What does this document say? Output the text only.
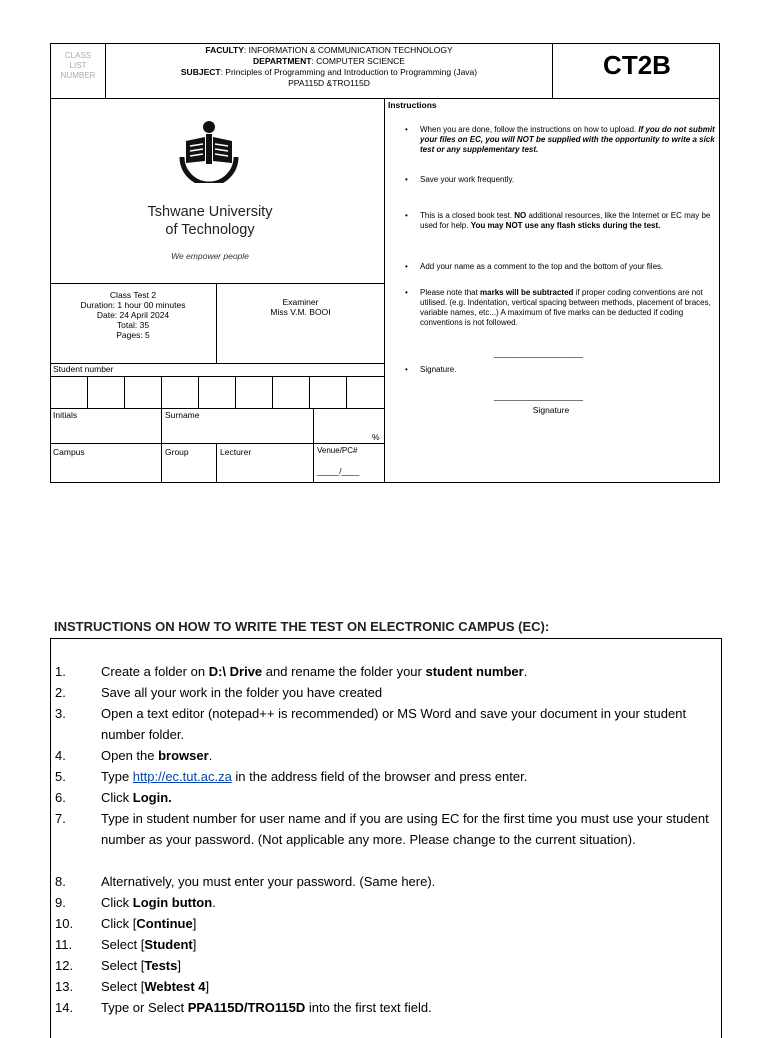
CLASS
LIST
NUMBER
FACULTY: INFORMATION & COMMUNICATION TECHNOLOGY
DEPARTMENT: COMPUTER SCIENCE
SUBJECT: Principles of Programming and Introduction to Programming (Java)
PPA115D &TRO115D
CT2B
Tshwane University
of Technology
We empower people
Class Test 2
Duration: 1 hour 00 minutes
Date: 24 April 2024
Total: 35
Pages: 5
Examiner
Miss V.M. BOOI
Student number
Initials	Surname
%
Campus	Group	Lecturer	Venue/PC#
_____/____
Instructions
• When you are done, follow the instructions on how to upload. If you do not submit your files on EC, you will NOT be supplied with the opportunity to write a sick test or any supplementary test.
• Save your work frequently.
• This is a closed book test. NO additional resources, like the Internet or EC may be used for help. You may NOT use any flash sticks during the test.
• Add your name as a comment to the top and the bottom of your files.
• Please note that marks will be subtracted if proper coding conventions are not utilised. (e.g. Indentation, vertical spacing between methods, placement of braces, variable names, etc...) A maximum of five marks can be deducted if coding conventions is not followed.
• Signature.
____________________
____________________
Signature
INSTRUCTIONS ON HOW TO WRITE THE TEST ON ELECTRONIC CAMPUS (EC):
1.	Create a folder on D:\ Drive and rename the folder your student number.
2.	Save all your work in the folder you have created
3.	Open a text editor (notepad++ is recommended) or MS Word and save your document in your student number folder.
4.	Open the browser.
5.	Type http://ec.tut.ac.za in the address field of the browser and press enter.
6.	Click Login.
7.	Type in student number for user name and if you are using EC for the first time you must use your student number as your password. (Not applicable any more. Please change to the current situation).
8.	Alternatively, you must enter your password. (Same here).
9.	Click Login button.
10.	Click [Continue]
11.	Select [Student]
12.	Select [Tests]
13.	Select [Webtest 4]
14.	Type or Select PPA115D/TRO115D into the first text field.
